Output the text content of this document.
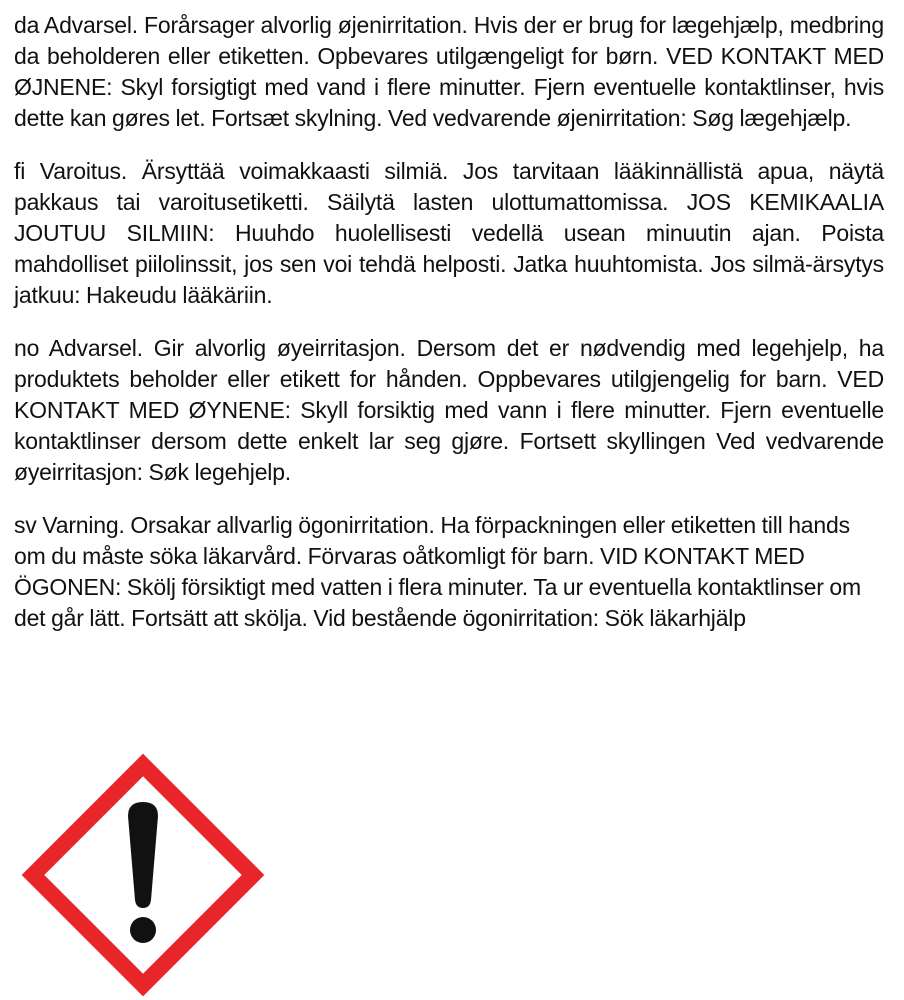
da Advarsel. Forårsager alvorlig øjenirritation. Hvis der er brug for lægehjælp, medbring da beholderen eller etiketten. Opbevares utilgængeligt for børn. VED KONTAKT MED ØJNENE: Skyl forsigtigt med vand i flere minutter. Fjern eventuelle kontaktlinser, hvis dette kan gøres let. Fortsæt skylning. Ved vedvarende øjenirritation: Søg lægehjælp.

fi Varoitus. Ärsyttää voimakkaasti silmiä. Jos tarvitaan lääkinnällistä apua, näytä pakkaus tai varoitusetiketti. Säilytä lasten ulottumattomissa. JOS KEMIKAALIA JOUTUU SILMIIN: Huuhdo huolellisesti vedellä usean minuutin ajan. Poista mahdolliset piilolinssit, jos sen voi tehdä helposti. Jatka huuhtomista. Jos silmä-ärsytys jatkuu: Hakeudu lääkäriin.

no Advarsel. Gir alvorlig øyeirritasjon. Dersom det er nødvendig med legehjelp, ha produktets beholder eller etikett for hånden. Oppbevares utilgjengelig for barn. VED KONTAKT MED ØYNENE: Skyll forsiktig med vann i flere minutter. Fjern eventuelle kontaktlinser dersom dette enkelt lar seg gjøre. Fortsett skyllingen Ved vedvarende øyeirritasjon: Søk legehjelp.

sv Varning. Orsakar allvarlig ögonirritation. Ha förpackningen eller etiketten till hands om du måste söka läkarvård. Förvaras oåtkomligt för barn. VID KONTAKT MED ÖGONEN: Skölj försiktigt med vatten i flera minuter. Ta ur eventuella kontaktlinser om det går lätt. Fortsätt att skölja. Vid bestående ögonirritation: Sök läkarhjälp
